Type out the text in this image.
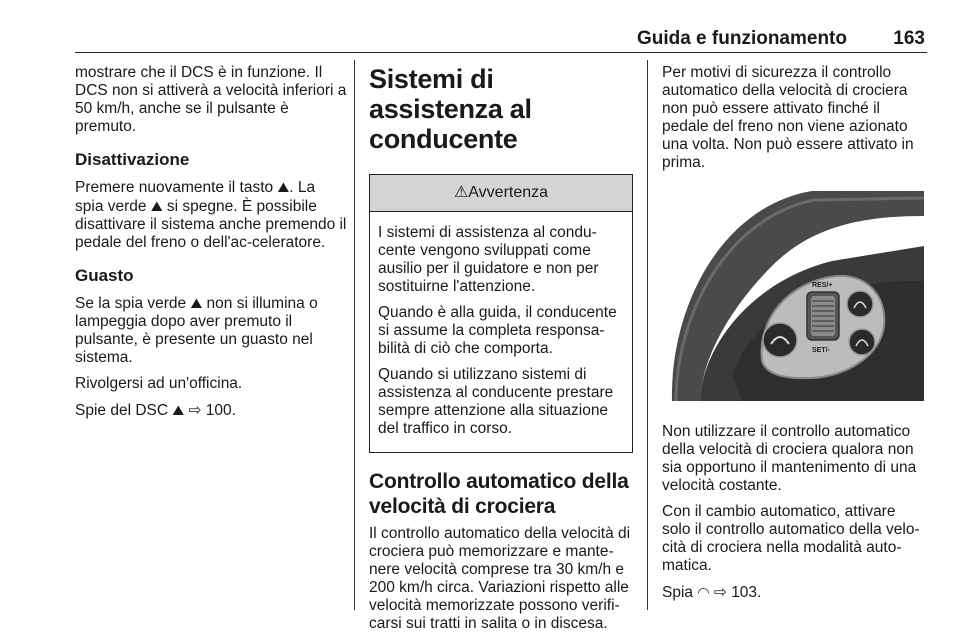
Guida e funzionamento 163

mostrare che il DCS è in funzione. Il DCS non si attiverà a velocità inferiori a 50 km/h, anche se il pulsante è premuto.

Disattivazione

Premere nuovamente il tasto ⛰. La spia verde ⛰ si spegne. È possibile disattivare il sistema anche premendo il pedale del freno o dell'ac-celeratore.

Guasto

Se la spia verde ⛰ non si illumina o lampeggia dopo aver premuto il pulsante, è presente un guasto nel sistema.

Rivolgersi ad un'officina.

Spie del DSC ⛰ ⇨ 100.

Sistemi di assistenza al conducente
⚠Avvertenza

I sistemi di assistenza al condu-cente vengono sviluppati come ausilio per il guidatore e non per sostituirne l'attenzione.

Quando è alla guida, il conducente si assume la completa responsa-bilità di ciò che comporta.

Quando si utilizzano sistemi di assistenza al conducente prestare sempre attenzione alla situazione del traffico in corso.

Controllo automatico della velocità di crociera

Il controllo automatico della velocità di crociera può memorizzare e mante-nere velocità comprese tra 30 km/h e 200 km/h circa. Variazioni rispetto alle velocità memorizzate possono verifi-carsi sui tratti in salita o in discesa.

Per motivi di sicurezza il controllo automatico della velocità di crociera non può essere attivato finché il pedale del freno non viene azionato una volta. Non può essere attivato in prima.

RES/+
SET/-

Non utilizzare il controllo automatico della velocità di crociera qualora non sia opportuno il mantenimento di una velocità costante.

Con il cambio automatico, attivare solo il controllo automatico della velo-cità di crociera nella modalità auto-matica.

Spia ◠ ⇨ 103.
